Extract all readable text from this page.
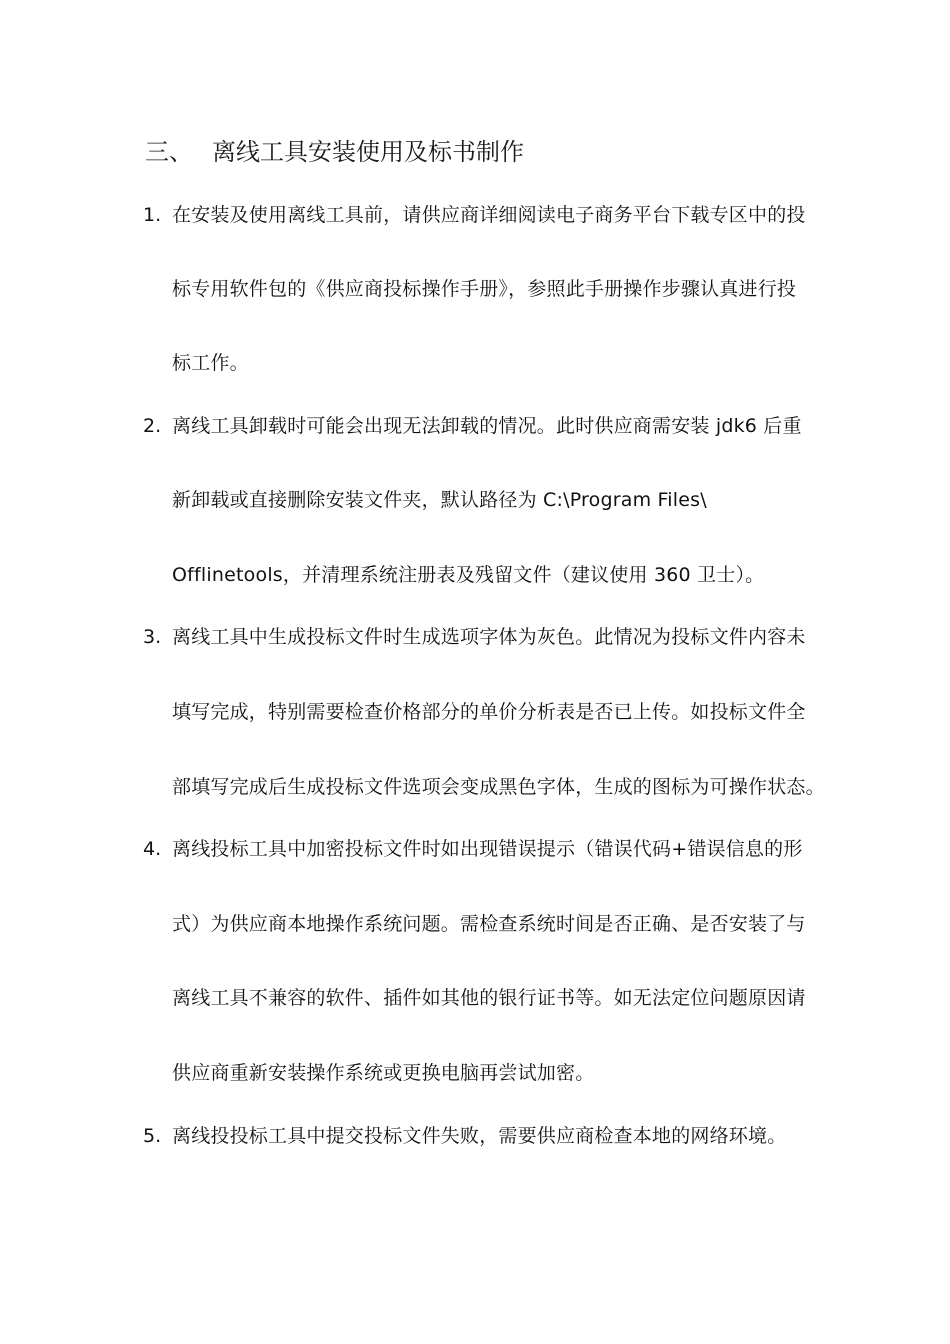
三、 离线工具安装使用及标书制作
1. 在安装及使用离线工具前，请供应商详细阅读电子商务平台下载专区中的投
标专用软件包的《供应商投标操作手册》，参照此手册操作步骤认真进行投
标工作。
2. 离线工具卸载时可能会出现无法卸载的情况。此时供应商需安装 jdk6 后重
新卸载或直接删除安装文件夹，默认路径为 C:\Program Files\
Offlinetools，并清理系统注册表及残留文件（建议使用 360 卫士）。
3. 离线工具中生成投标文件时生成选项字体为灰色。此情况为投标文件内容未
填写完成，特别需要检查价格部分的单价分析表是否已上传。如投标文件全
部填写完成后生成投标文件选项会变成黑色字体，生成的图标为可操作状态。
4. 离线投标工具中加密投标文件时如出现错误提示（错误代码+错误信息的形
式）为供应商本地操作系统问题。需检查系统时间是否正确、是否安装了与
离线工具不兼容的软件、插件如其他的银行证书等。如无法定位问题原因请
供应商重新安装操作系统或更换电脑再尝试加密。
5. 离线投投标工具中提交投标文件失败，需要供应商检查本地的网络环境。
